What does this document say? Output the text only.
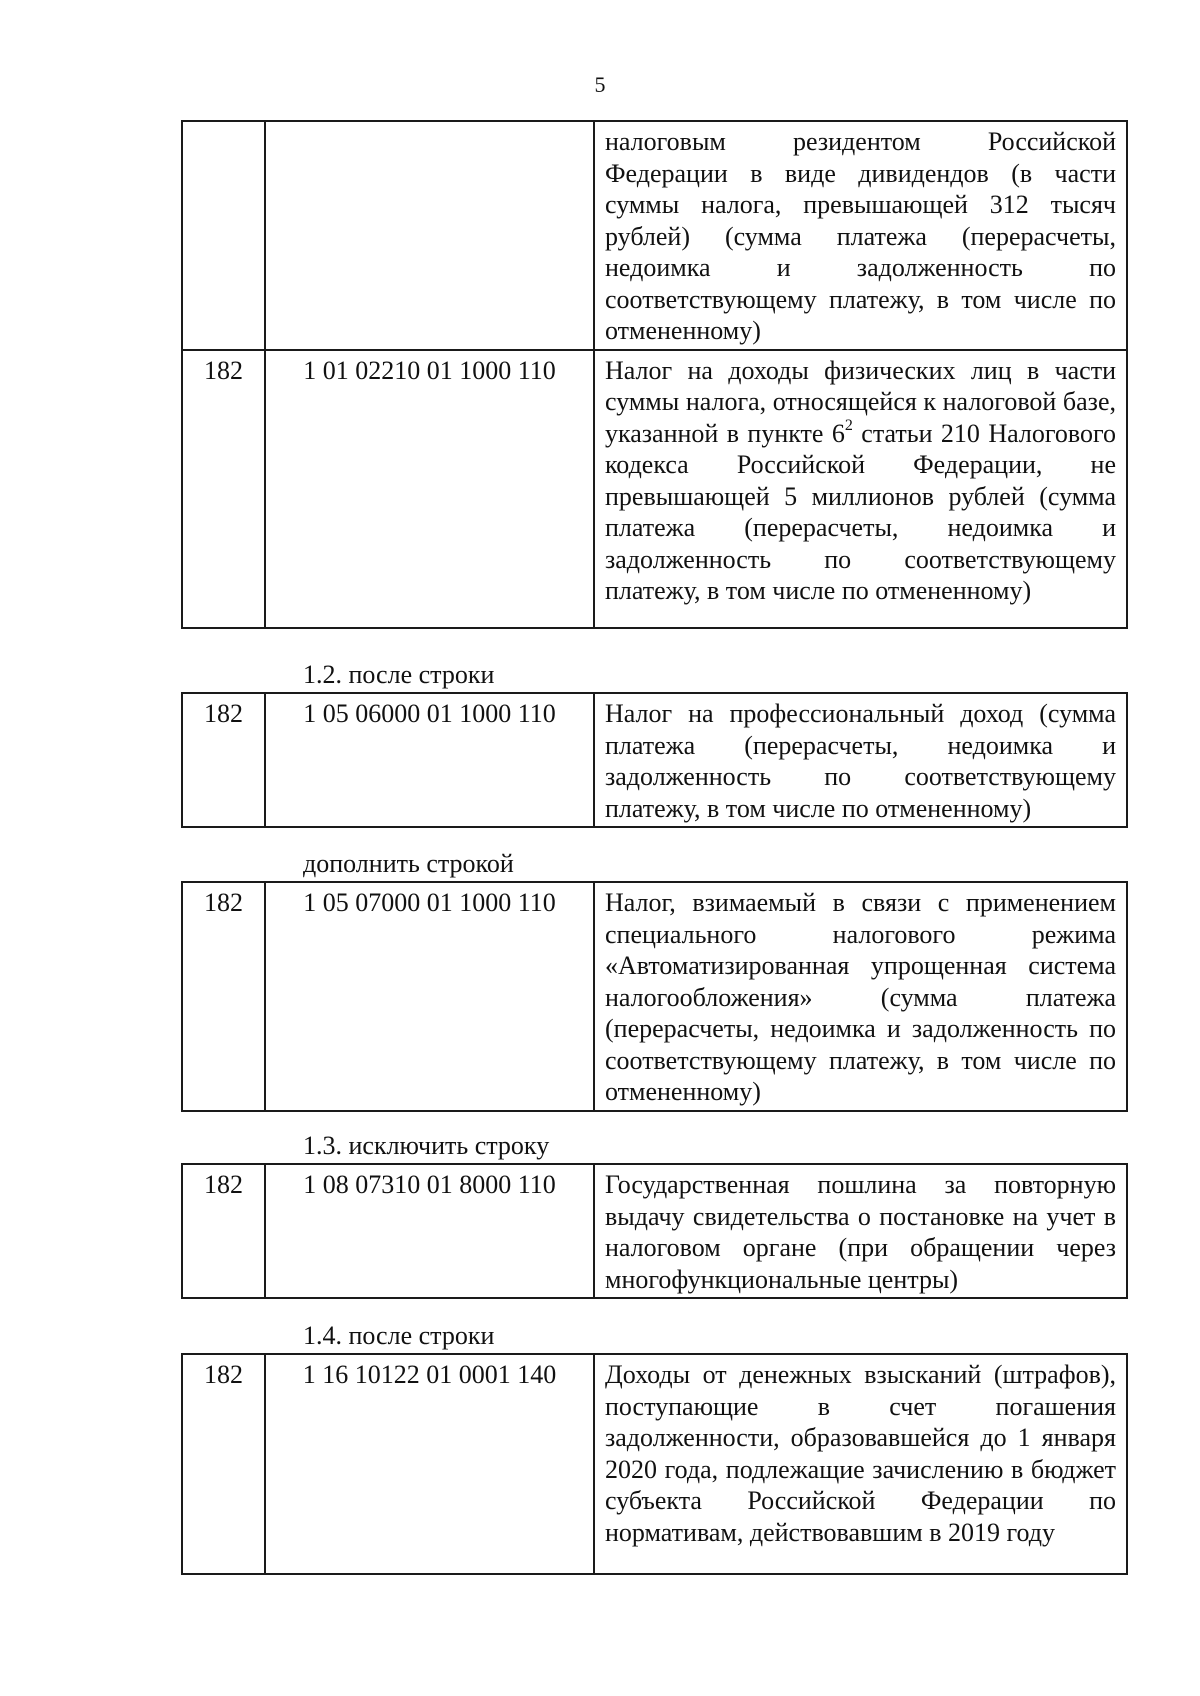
5
		налоговым резидентом Российской Федерации в виде дивидендов (в части суммы налога, превышающей 312 тысяч рублей) (сумма платежа (перерасчеты, недоимка и задолженность по соответствующему платежу, в том числе по отмененному)
182	1 01 02210 01 1000 110	Налог на доходы физических лиц в части суммы налога, относящейся к налоговой базе, указанной в пункте $6^2$ статьи 210 Налогового кодекса Российской Федерации, не превышающей 5 миллионов рублей (сумма платежа (перерасчеты, недоимка и задолженность по соответствующему платежу, в том числе по отмененному)
1.2. после строки
182	1 05 06000 01 1000 110	Налог на профессиональный доход (сумма платежа (перерасчеты, недоимка и задолженность по соответствующему платежу, в том числе по отмененному)
дополнить строкой
182	1 05 07000 01 1000 110	Налог, взимаемый в связи с применением специального налогового режима «Автоматизированная упрощенная система налогообложения» (сумма платежа (перерасчеты, недоимка и задолженность по соответствующему платежу, в том числе по отмененному)
1.3. исключить строку
182	1 08 07310 01 8000 110	Государственная пошлина за повторную выдачу свидетельства о постановке на учет в налоговом органе (при обращении через многофункциональные центры)
1.4. после строки
182	1 16 10122 01 0001 140	Доходы от денежных взысканий (штрафов), поступающие в счет погашения задолженности, образовавшейся до 1 января 2020 года, подлежащие зачислению в бюджет субъекта Российской Федерации по нормативам, действовавшим в 2019 году
